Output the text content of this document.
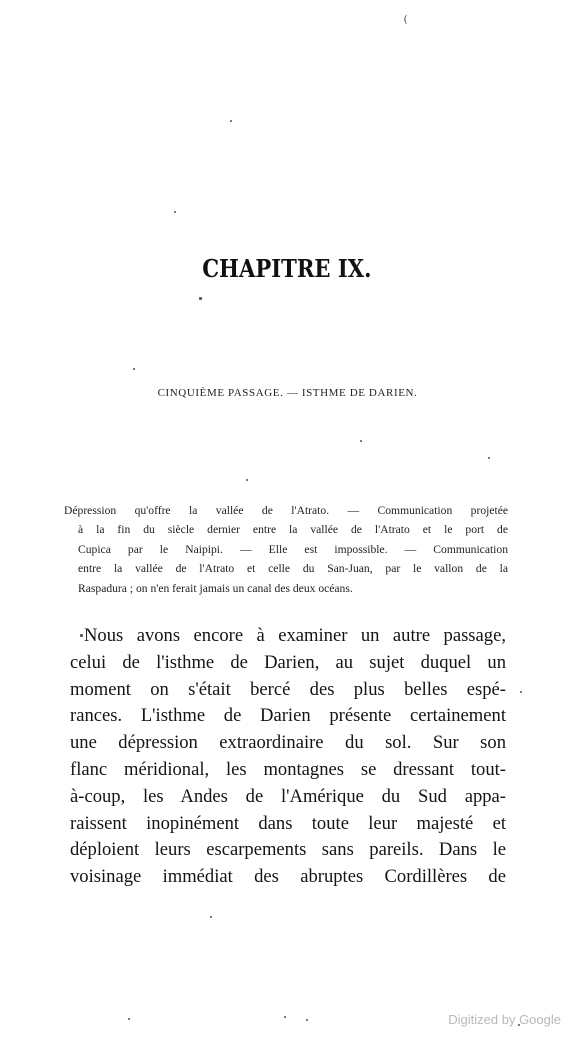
(
CHAPITRE IX.
CINQUIÈME PASSAGE. — ISTHME DE DARIEN.
Dépression qu'offre la vallée de l'Atrato. — Communication projetée
à la fin du siècle dernier entre la vallée de l'Atrato et le port de
Cupica par le Naipipi. — Elle est impossible. — Communication
entre la vallée de l'Atrato et celle du San-Juan, par le vallon de la
Raspadura ; on n'en ferait jamais un canal des deux océans.
Nous avons encore à examiner un autre passage,
celui de l'isthme de Darien, au sujet duquel un
moment on s'était bercé des plus belles espé-
rances. L'isthme de Darien présente certainement
une dépression extraordinaire du sol. Sur son
flanc méridional, les montagnes se dressant tout-
à-coup, les Andes de l'Amérique du Sud appa-
raissent inopinément dans toute leur majesté et
déploient leurs escarpements sans pareils. Dans le
voisinage immédiat des abruptes Cordillères de
Digitized by Google
